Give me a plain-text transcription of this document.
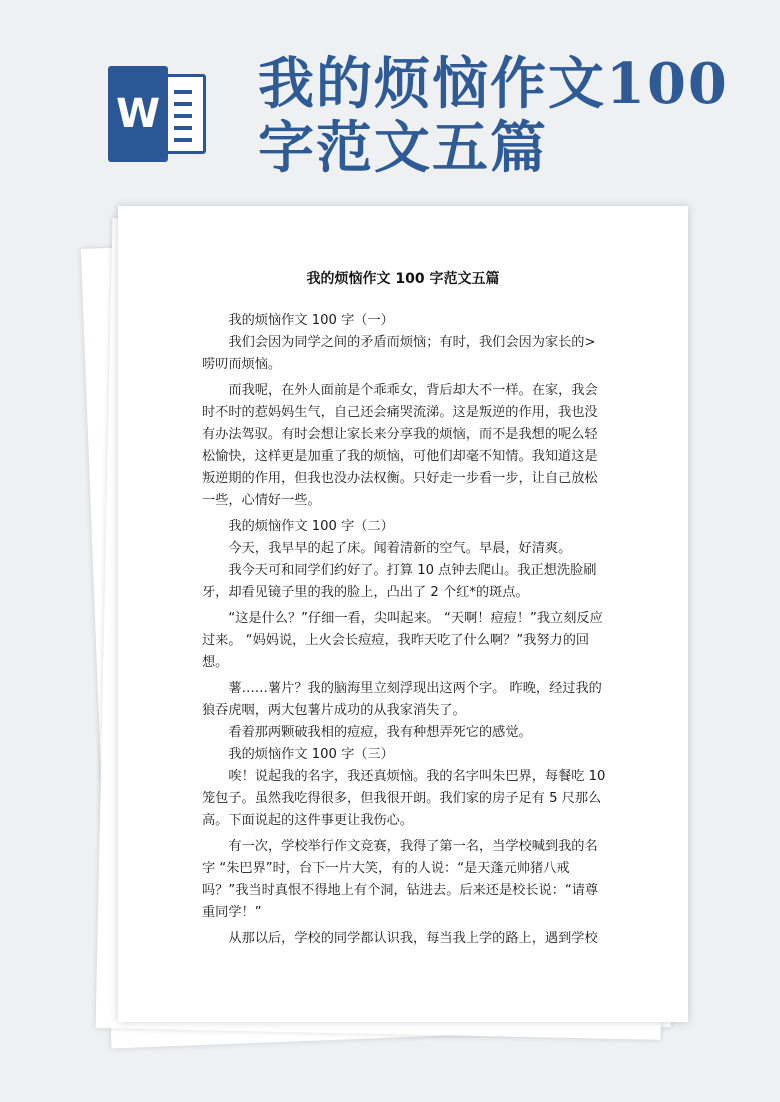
W 我的烦恼作文100字范文五篇
我的烦恼作文 100 字范文五篇

我的烦恼作文 100 字（一）

我们会因为同学之间的矛盾而烦恼；有时，我们会因为家长的>唠叨而烦恼。

而我呢，在外人面前是个乖乖女，背后却大不一样。在家，我会时不时的惹妈妈生气，自己还会痛哭流涕。这是叛逆的作用，我也没有办法驾驭。有时会想让家长来分享我的烦恼，而不是我想的呢么轻松愉快，这样更是加重了我的烦恼，可他们却毫不知情。我知道这是叛逆期的作用，但我也没办法权衡。只好走一步看一步，让自己放松一些，心情好一些。

我的烦恼作文 100 字（二）

今天，我早早的起了床。闻着清新的空气。早晨，好清爽。

我今天可和同学们约好了。打算 10 点钟去爬山。我正想洗脸刷牙，却看见镜子里的我的脸上，凸出了 2 个红*的斑点。

“这是什么？”仔细一看，尖叫起来。 “天啊！痘痘！”我立刻反应过来。 “妈妈说，上火会长痘痘，我昨天吃了什么啊？”我努力的回想。

薯……薯片？我的脑海里立刻浮现出这两个字。 昨晚，经过我的狼吞虎咽，两大包薯片成功的从我家消失了。

看着那两颗破我相的痘痘，我有种想弄死它的感觉。

我的烦恼作文 100 字（三）

唉！说起我的名字，我还真烦恼。我的名字叫朱巴界，每餐吃 10 笼包子。虽然我吃得很多，但我很开朗。我们家的房子足有 5 尺那么高。下面说起的这件事更让我伤心。

有一次，学校举行作文竞赛，我得了第一名，当学校喊到我的名字 “朱巴界”时，台下一片大笑，有的人说：“是天蓬元帅猪八戒吗？”我当时真恨不得地上有个洞，钻进去。后来还是校长说：“请尊重同学！”

从那以后，学校的同学都认识我，每当我上学的路上，遇到学校
